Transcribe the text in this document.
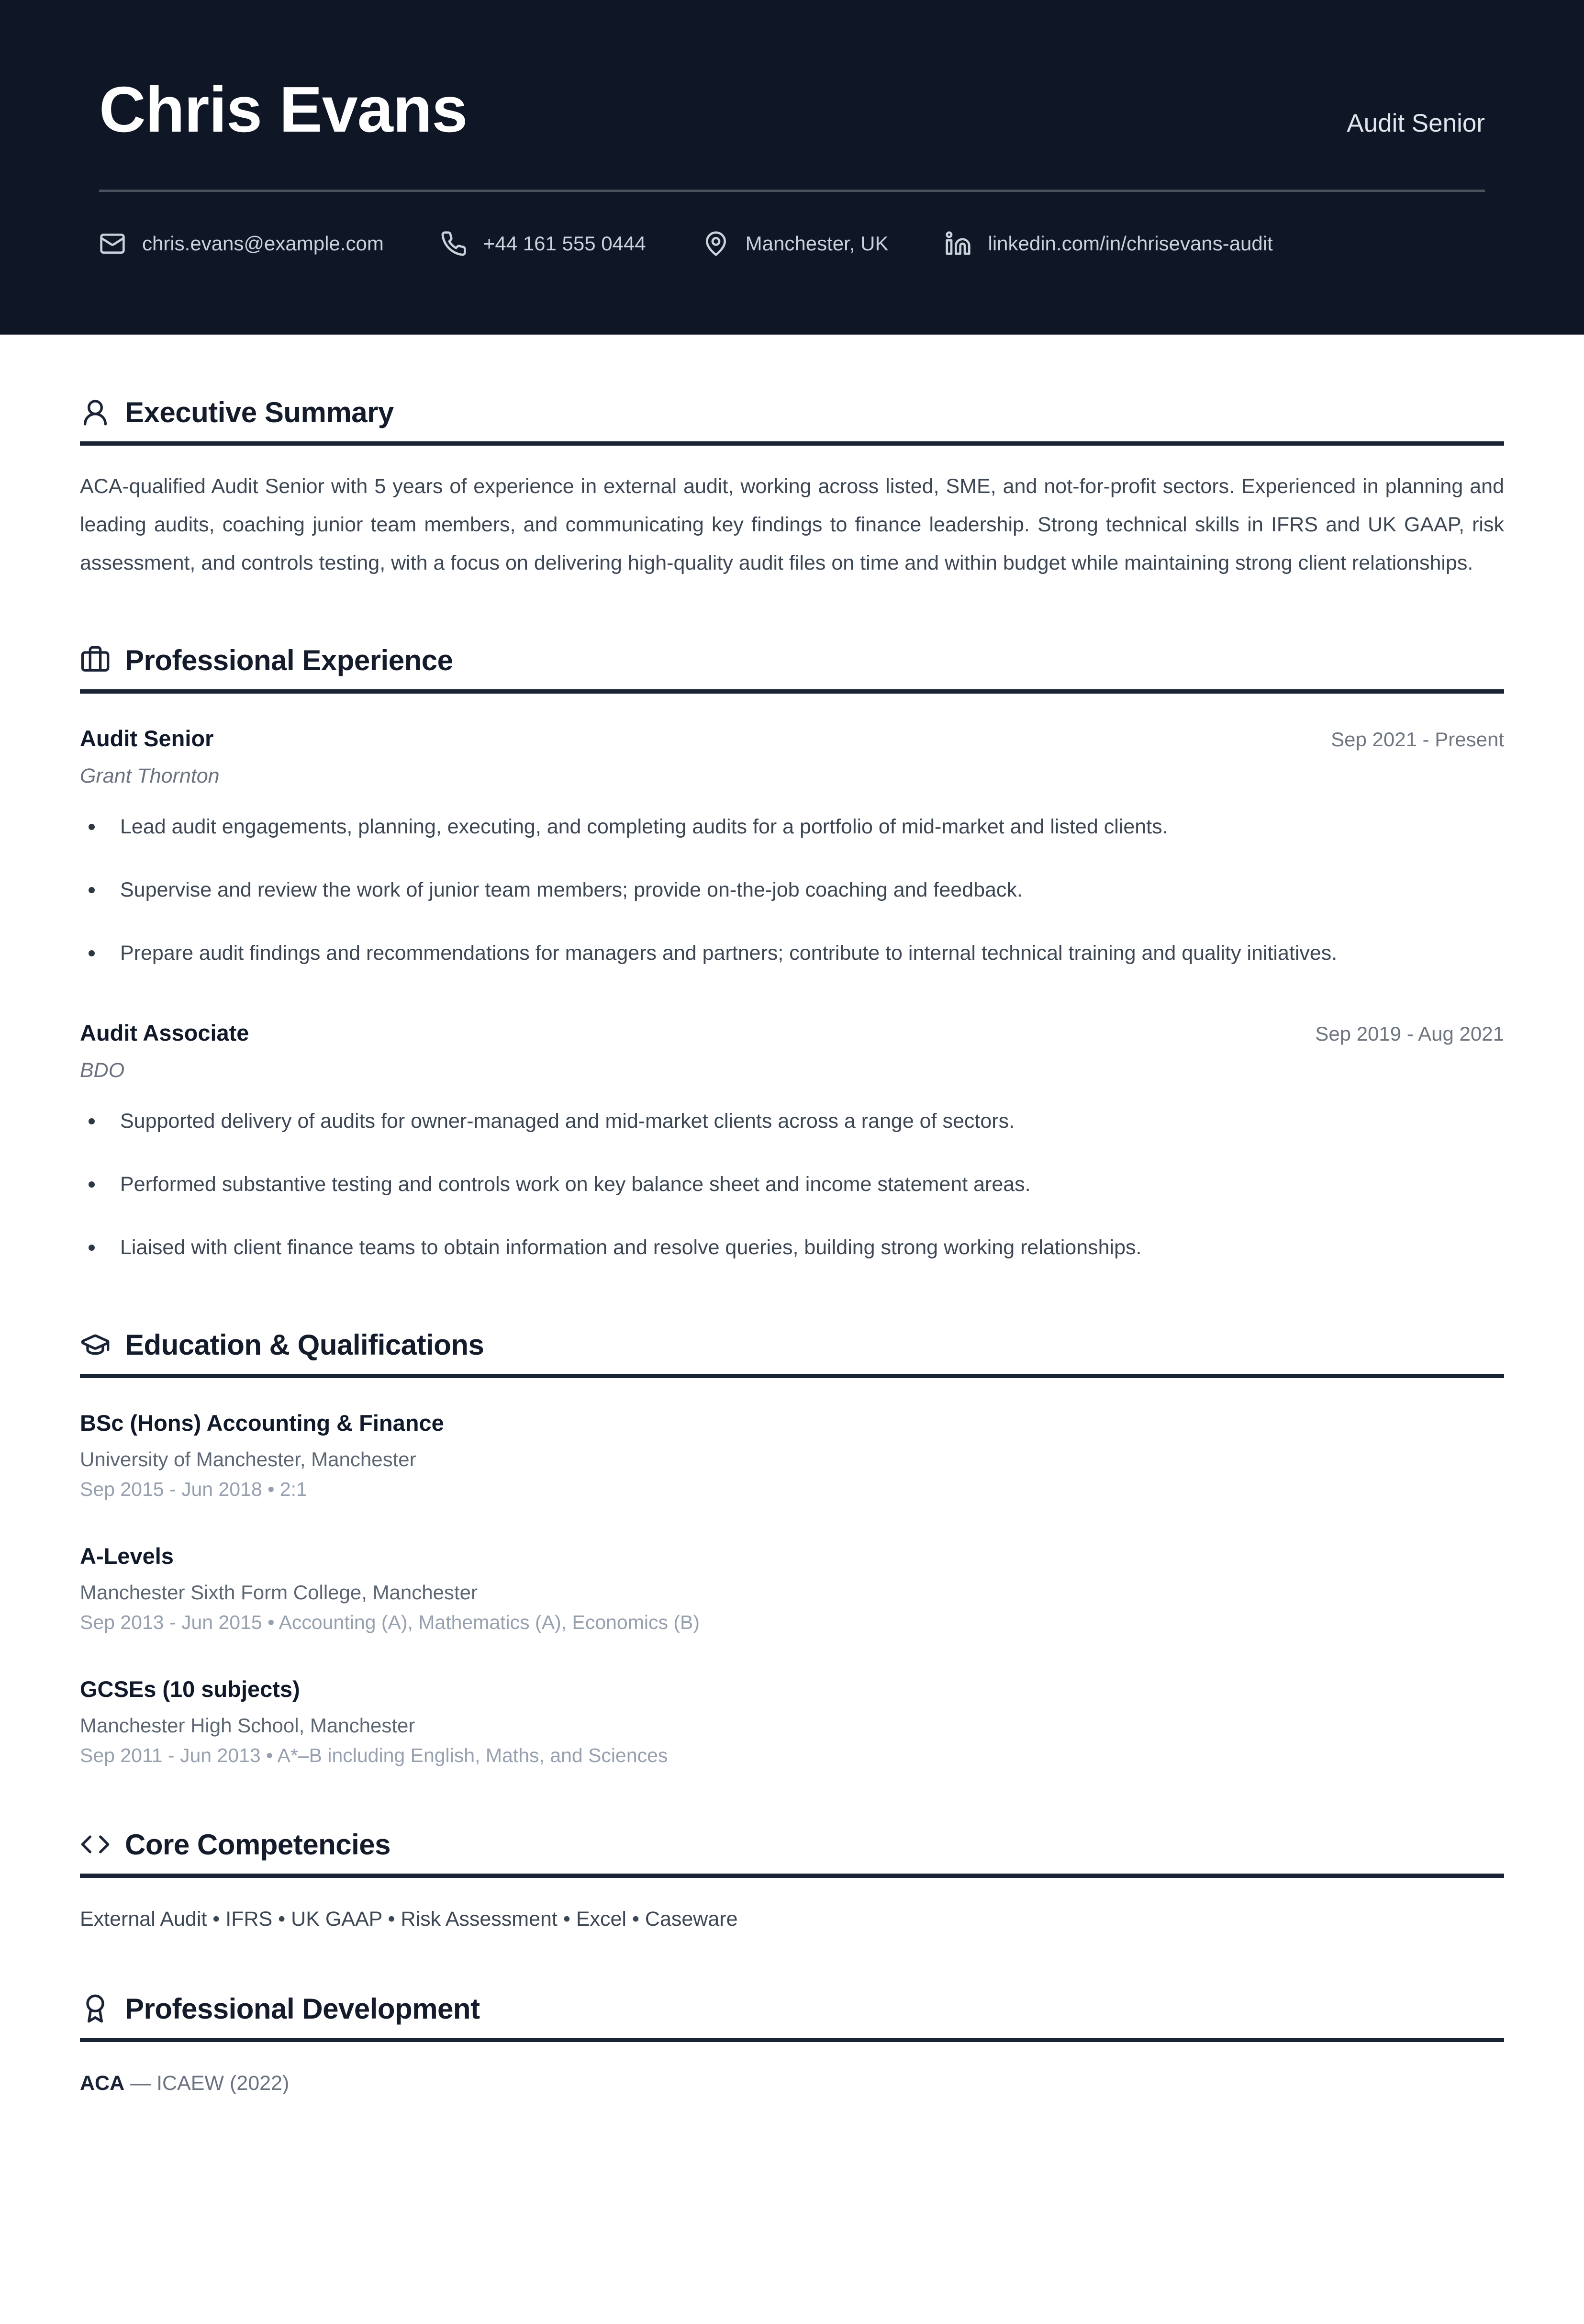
Chris Evans	Audit Senior
chris.evans@example.com	+44 161 555 0444	Manchester, UK	linkedin.com/in/chrisevans-audit
Executive Summary

ACA-qualified Audit Senior with 5 years of experience in external audit, working across listed, SME, and not-for-profit sectors. Experienced in planning and leading audits, coaching junior team members, and communicating key findings to finance leadership. Strong technical skills in IFRS and UK GAAP, risk assessment, and controls testing, with a focus on delivering high-quality audit files on time and within budget while maintaining strong client relationships.

Professional Experience
Audit Senior	Sep 2021 - Present
Grant Thornton
Lead audit engagements, planning, executing, and completing audits for a portfolio of mid-market and listed clients.
Supervise and review the work of junior team members; provide on-the-job coaching and feedback.
Prepare audit findings and recommendations for managers and partners; contribute to internal technical training and quality initiatives.
Audit Associate	Sep 2019 - Aug 2021
BDO
Supported delivery of audits for owner-managed and mid-market clients across a range of sectors.
Performed substantive testing and controls work on key balance sheet and income statement areas.
Liaised with client finance teams to obtain information and resolve queries, building strong working relationships.
Education & Qualifications
BSc (Hons) Accounting & Finance
University of Manchester, Manchester
Sep 2015 - Jun 2018 • 2:1
A-Levels
Manchester Sixth Form College, Manchester
Sep 2013 - Jun 2015 • Accounting (A), Mathematics (A), Economics (B)
GCSEs (10 subjects)
Manchester High School, Manchester
Sep 2011 - Jun 2013 • A*–B including English, Maths, and Sciences
Core Competencies
External Audit • IFRS • UK GAAP • Risk Assessment • Excel • Caseware
Professional Development
ACA — ICAEW (2022)
